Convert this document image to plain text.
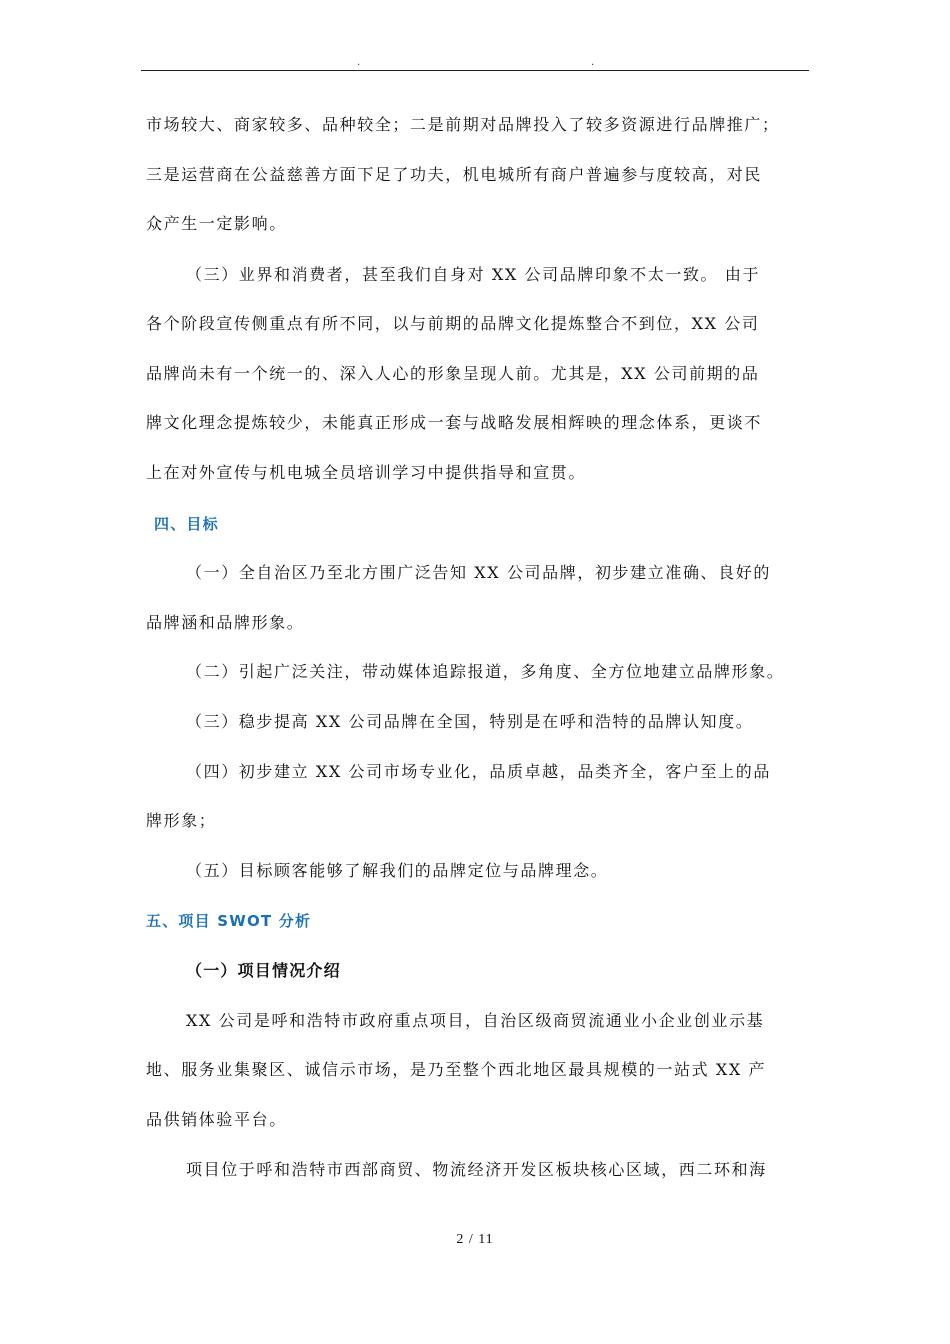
.	.
市场较大、商家较多、品种较全；二是前期对品牌投入了较多资源进行品牌推广；
三是运营商在公益慈善方面下足了功夫，机电城所有商户普遍参与度较高，对民
众产生一定影响。
（三）业界和消费者，甚至我们自身对 XX 公司品牌印象不太一致。 由于
各个阶段宣传侧重点有所不同，以与前期的品牌文化提炼整合不到位，XX 公司
品牌尚未有一个统一的、深入人心的形象呈现人前。尤其是，XX 公司前期的品
牌文化理念提炼较少，未能真正形成一套与战略发展相辉映的理念体系，更谈不
上在对外宣传与机电城全员培训学习中提供指导和宣贯。
四、目标
（一）全自治区乃至北方围广泛告知 XX 公司品牌，初步建立准确、良好的
品牌涵和品牌形象。
（二）引起广泛关注，带动媒体追踪报道，多角度、全方位地建立品牌形象。
（三）稳步提高 XX 公司品牌在全国，特别是在呼和浩特的品牌认知度。
（四）初步建立 XX 公司市场专业化，品质卓越，品类齐全，客户至上的品
牌形象；
（五）目标顾客能够了解我们的品牌定位与品牌理念。
五、项目 SWOT 分析
（一）项目情况介绍
XX 公司是呼和浩特市政府重点项目，自治区级商贸流通业小企业创业示基
地、服务业集聚区、诚信示市场，是乃至整个西北地区最具规模的一站式 XX 产
品供销体验平台。
项目位于呼和浩特市西部商贸、物流经济开发区板块核心区域，西二环和海
2 / 11
